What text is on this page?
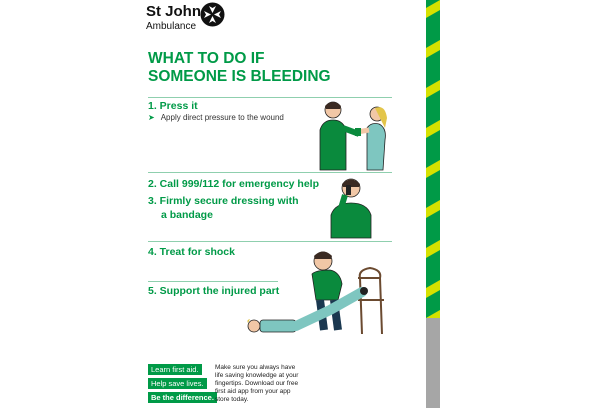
St John
Ambulance
WHAT TO DO IF
SOMEONE IS BLEEDING
1. Press it
➤ Apply direct pressure to the wound
2. Call 999/112 for emergency help
3. Firmly secure dressing with
a bandage
4. Treat for shock
5. Support the injured part
Learn first aid.
Help save lives.
Be the difference.
Make sure you always have life saving knowledge at your fingertips. Download our free first aid app from your app store today.
